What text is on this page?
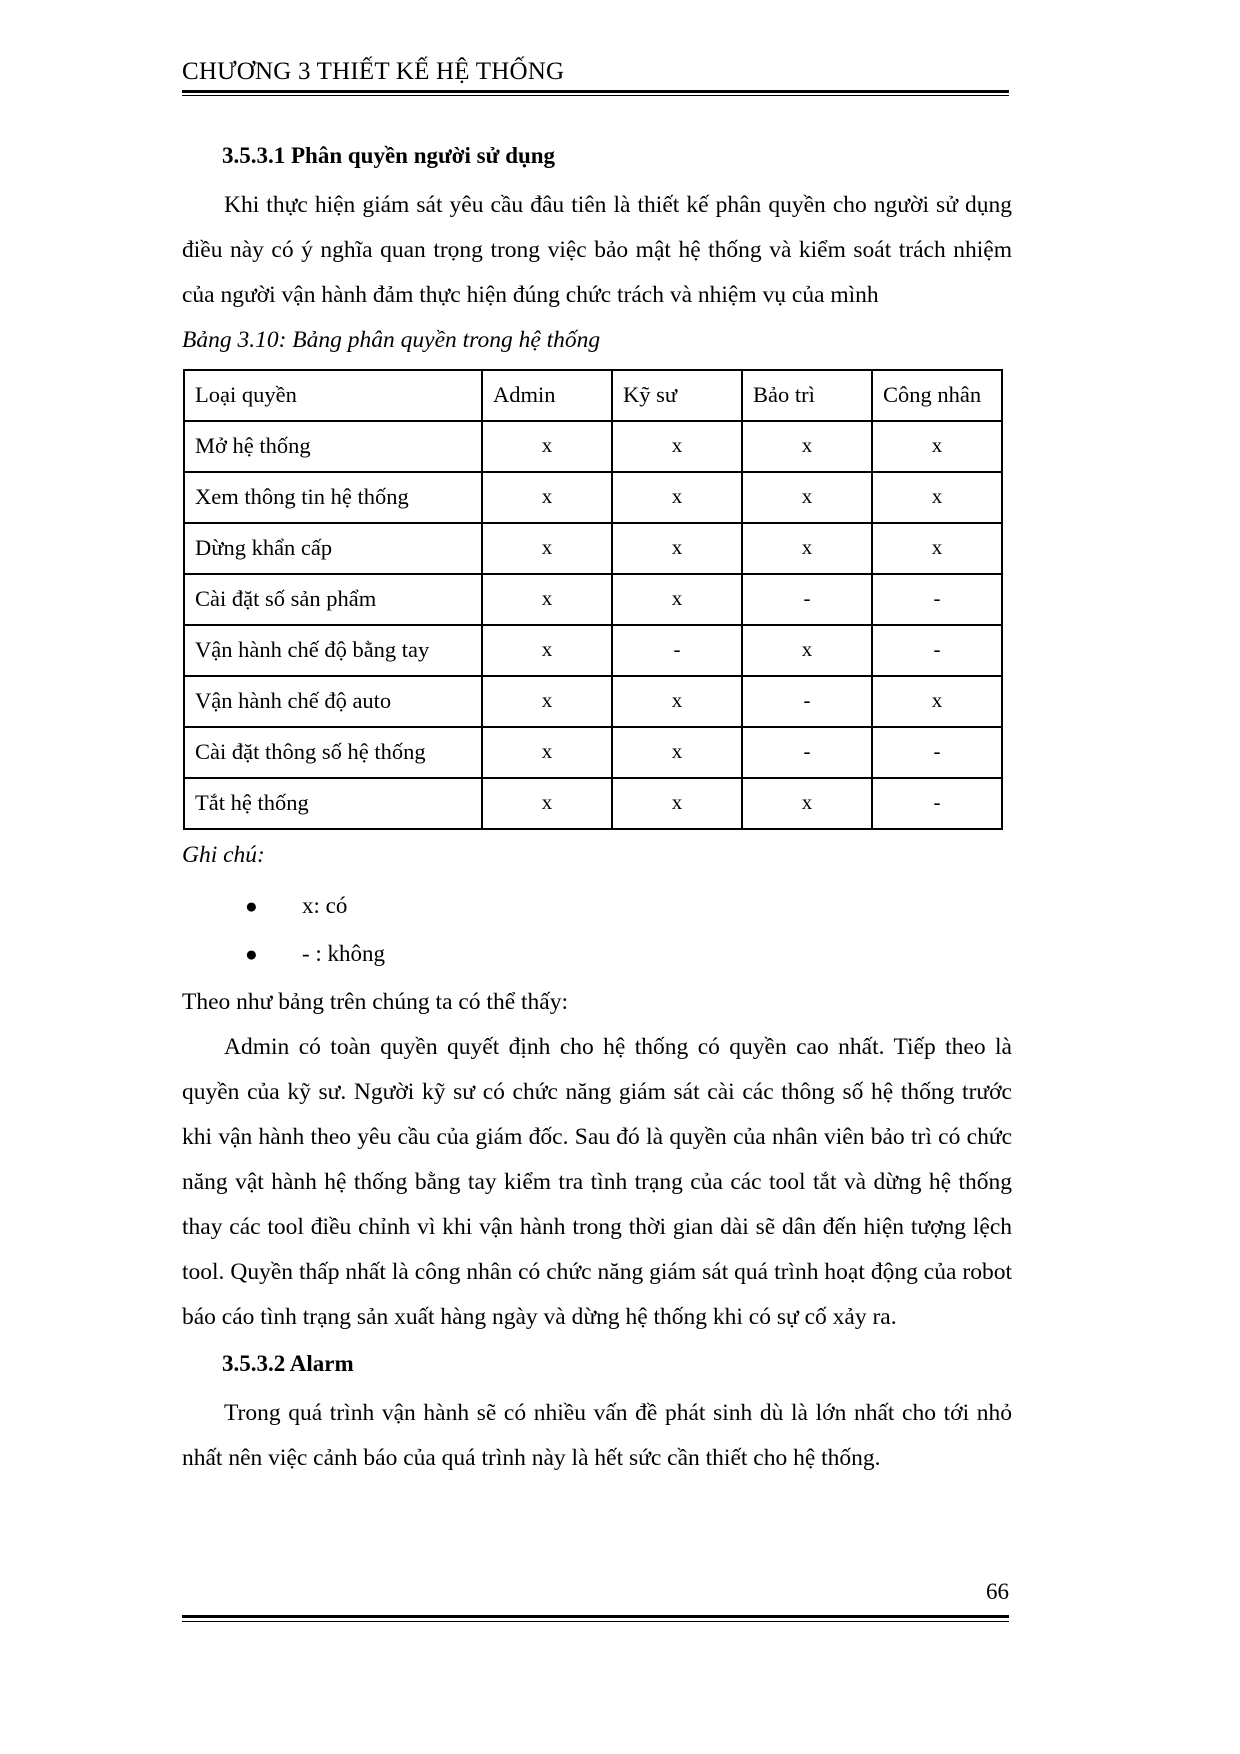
CHƯƠNG 3 THIẾT KẾ HỆ THỐNG
3.5.3.1 Phân quyền người sử dụng

Khi thực hiện giám sát yêu cầu đâu tiên là thiết kế phân quyền cho người sử dụng điều này có ý nghĩa quan trọng trong việc bảo mật hệ thống và kiểm soát trách nhiệm của người vận hành đảm thực hiện đúng chức trách và nhiệm vụ của mình

Bảng 3.10: Bảng phân quyền trong hệ thống

Loại quyền	Admin	Kỹ sư	Bảo trì	Công nhân
Mở hệ thống	x	x	x	x
Xem thông tin hệ thống	x	x	x	x
Dừng khẩn cấp	x	x	x	x
Cài đặt số sản phẩm	x	x	-	-
Vận hành chế độ bằng tay	x	-	x	-
Vận hành chế độ auto	x	x	-	x
Cài đặt thông số hệ thống	x	x	-	-
Tắt hệ thống	x	x	x	-

Ghi chú:

● x: có
● - : không

Theo như bảng trên chúng ta có thể thấy:

Admin có toàn quyền quyết định cho hệ thống có quyền cao nhất. Tiếp theo là quyền của kỹ sư. Người kỹ sư có chức năng giám sát cài các thông số hệ thống trước khi vận hành theo yêu cầu của giám đốc. Sau đó là quyền của nhân viên bảo trì có chức năng vật hành hệ thống bằng tay kiểm tra tình trạng của các tool tắt và dừng hệ thống thay các tool điều chỉnh vì khi vận hành trong thời gian dài sẽ dân đến hiện tượng lệch tool. Quyền thấp nhất là công nhân có chức năng giám sát quá trình hoạt động của robot báo cáo tình trạng sản xuất hàng ngày và dừng hệ thống khi có sự cố xảy ra.

3.5.3.2 Alarm

Trong quá trình vận hành sẽ có nhiều vấn đề phát sinh dù là lớn nhất cho tới nhỏ nhất nên việc cảnh báo của quá trình này là hết sức cần thiết cho hệ thống.

66
